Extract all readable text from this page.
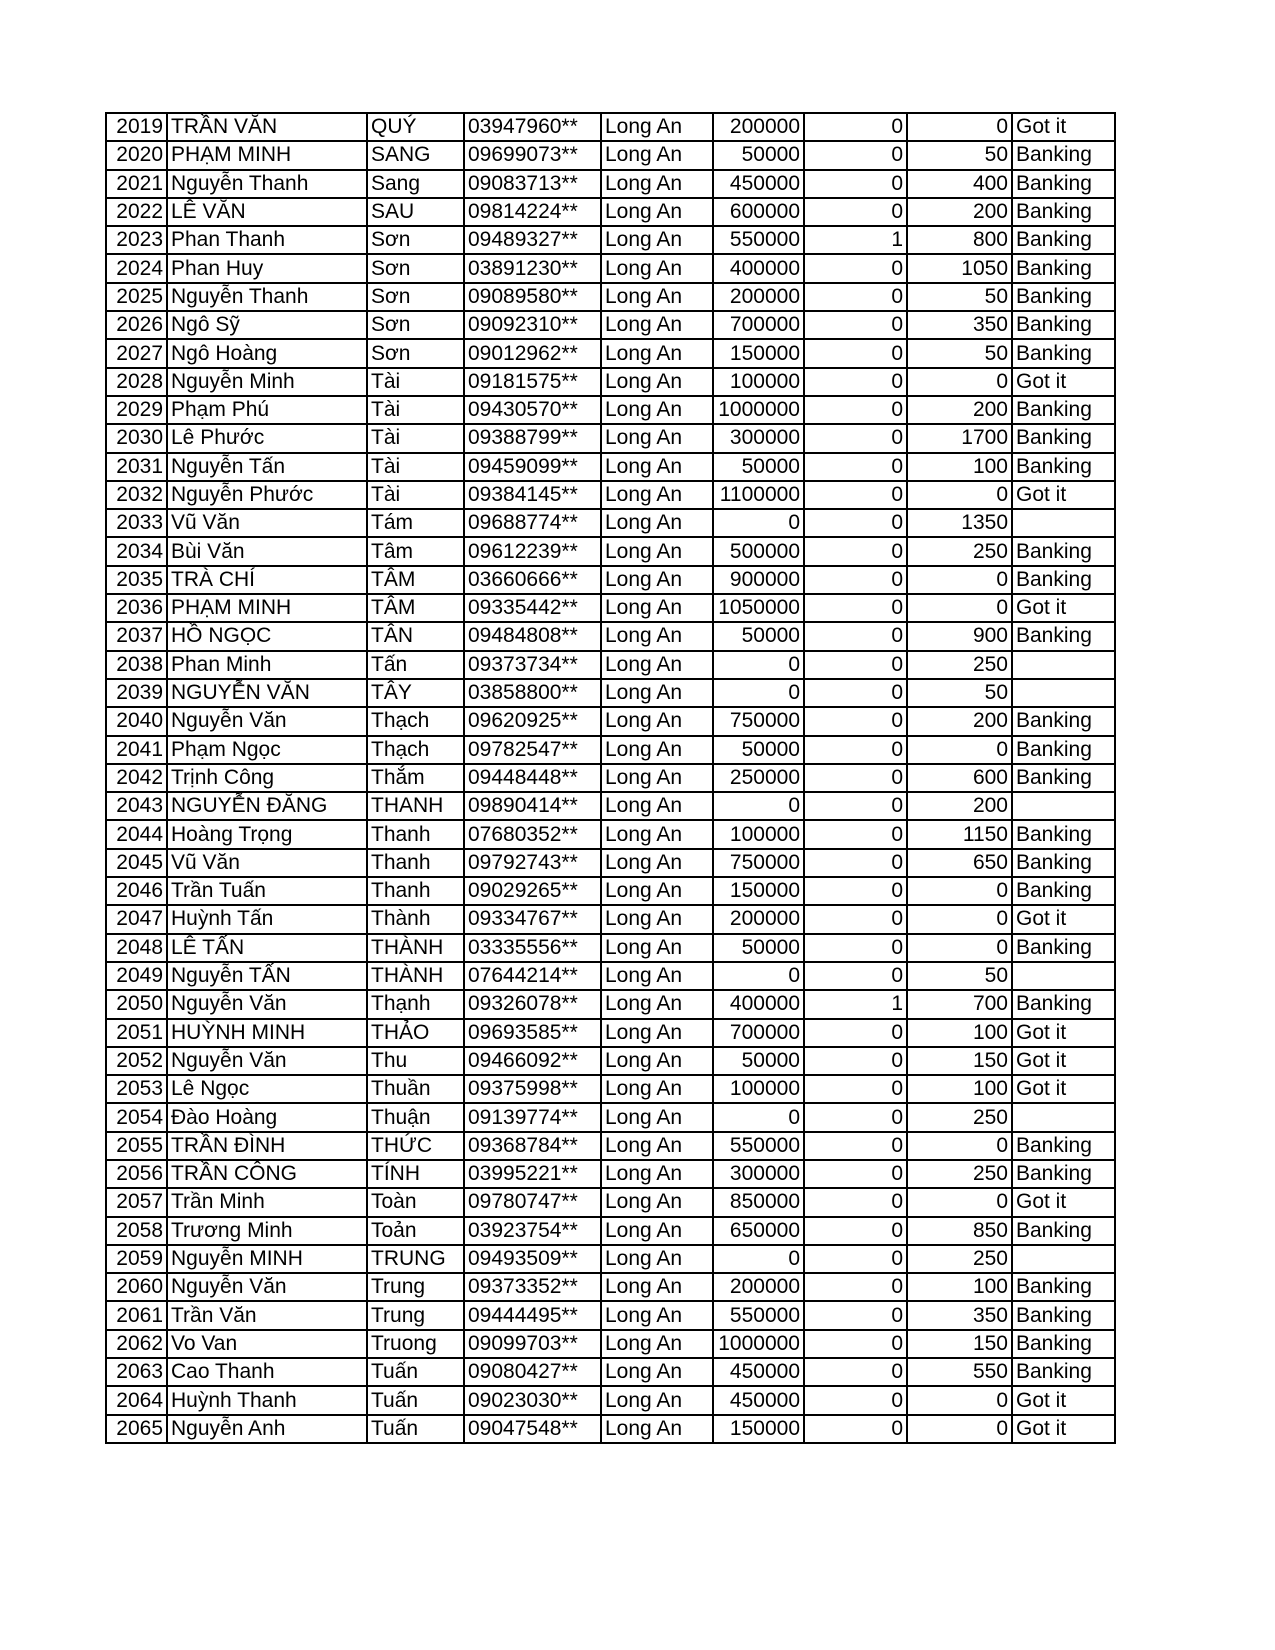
2019	TRẦN VĂN	QUÝ	03947960**	Long An	200000	0	0	Got it
2020	PHẠM MINH	SANG	09699073**	Long An	50000	0	50	Banking
2021	Nguyễn Thanh	Sang	09083713**	Long An	450000	0	400	Banking
2022	LÊ VĂN	SAU	09814224**	Long An	600000	0	200	Banking
2023	Phan Thanh	Sơn	09489327**	Long An	550000	1	800	Banking
2024	Phan Huy	Sơn	03891230**	Long An	400000	0	1050	Banking
2025	Nguyễn Thanh	Sơn	09089580**	Long An	200000	0	50	Banking
2026	Ngô Sỹ	Sơn	09092310**	Long An	700000	0	350	Banking
2027	Ngô Hoàng	Sơn	09012962**	Long An	150000	0	50	Banking
2028	Nguyễn Minh	Tài	09181575**	Long An	100000	0	0	Got it
2029	Phạm Phú	Tài	09430570**	Long An	1000000	0	200	Banking
2030	Lê Phước	Tài	09388799**	Long An	300000	0	1700	Banking
2031	Nguyễn Tấn	Tài	09459099**	Long An	50000	0	100	Banking
2032	Nguyễn Phước	Tài	09384145**	Long An	1100000	0	0	Got it
2033	Vũ Văn	Tám	09688774**	Long An	0	0	1350	
2034	Bùi Văn	Tâm	09612239**	Long An	500000	0	250	Banking
2035	TRÀ CHÍ	TÂM	03660666**	Long An	900000	0	0	Banking
2036	PHẠM MINH	TÂM	09335442**	Long An	1050000	0	0	Got it
2037	HỒ NGỌC	TÂN	09484808**	Long An	50000	0	900	Banking
2038	Phan Minh	Tấn	09373734**	Long An	0	0	250	
2039	NGUYỄN VĂN	TÂY	03858800**	Long An	0	0	50	
2040	Nguyễn Văn	Thạch	09620925**	Long An	750000	0	200	Banking
2041	Phạm Ngọc	Thạch	09782547**	Long An	50000	0	0	Banking
2042	Trịnh Công	Thắm	09448448**	Long An	250000	0	600	Banking
2043	NGUYỄN ĐĂNG	THANH	09890414**	Long An	0	0	200	
2044	Hoàng Trọng	Thanh	07680352**	Long An	100000	0	1150	Banking
2045	Vũ Văn	Thanh	09792743**	Long An	750000	0	650	Banking
2046	Trần Tuấn	Thanh	09029265**	Long An	150000	0	0	Banking
2047	Huỳnh Tấn	Thành	09334767**	Long An	200000	0	0	Got it
2048	LÊ TẤN	THÀNH	03335556**	Long An	50000	0	0	Banking
2049	Nguyễn TẤN	THÀNH	07644214**	Long An	0	0	50	
2050	Nguyễn Văn	Thạnh	09326078**	Long An	400000	1	700	Banking
2051	HUỲNH MINH	THẢO	09693585**	Long An	700000	0	100	Got it
2052	Nguyễn Văn	Thu	09466092**	Long An	50000	0	150	Got it
2053	Lê Ngọc	Thuần	09375998**	Long An	100000	0	100	Got it
2054	Đào Hoàng	Thuận	09139774**	Long An	0	0	250	
2055	TRẦN ĐÌNH	THỨC	09368784**	Long An	550000	0	0	Banking
2056	TRẦN CÔNG	TÍNH	03995221**	Long An	300000	0	250	Banking
2057	Trần Minh	Toàn	09780747**	Long An	850000	0	0	Got it
2058	Trương Minh	Toản	03923754**	Long An	650000	0	850	Banking
2059	Nguyễn MINH	TRUNG	09493509**	Long An	0	0	250	
2060	Nguyễn Văn	Trung	09373352**	Long An	200000	0	100	Banking
2061	Trần Văn	Trung	09444495**	Long An	550000	0	350	Banking
2062	Vo Van	Truong	09099703**	Long An	1000000	0	150	Banking
2063	Cao Thanh	Tuấn	09080427**	Long An	450000	0	550	Banking
2064	Huỳnh Thanh	Tuấn	09023030**	Long An	450000	0	0	Got it
2065	Nguyễn Anh	Tuấn	09047548**	Long An	150000	0	0	Got it
